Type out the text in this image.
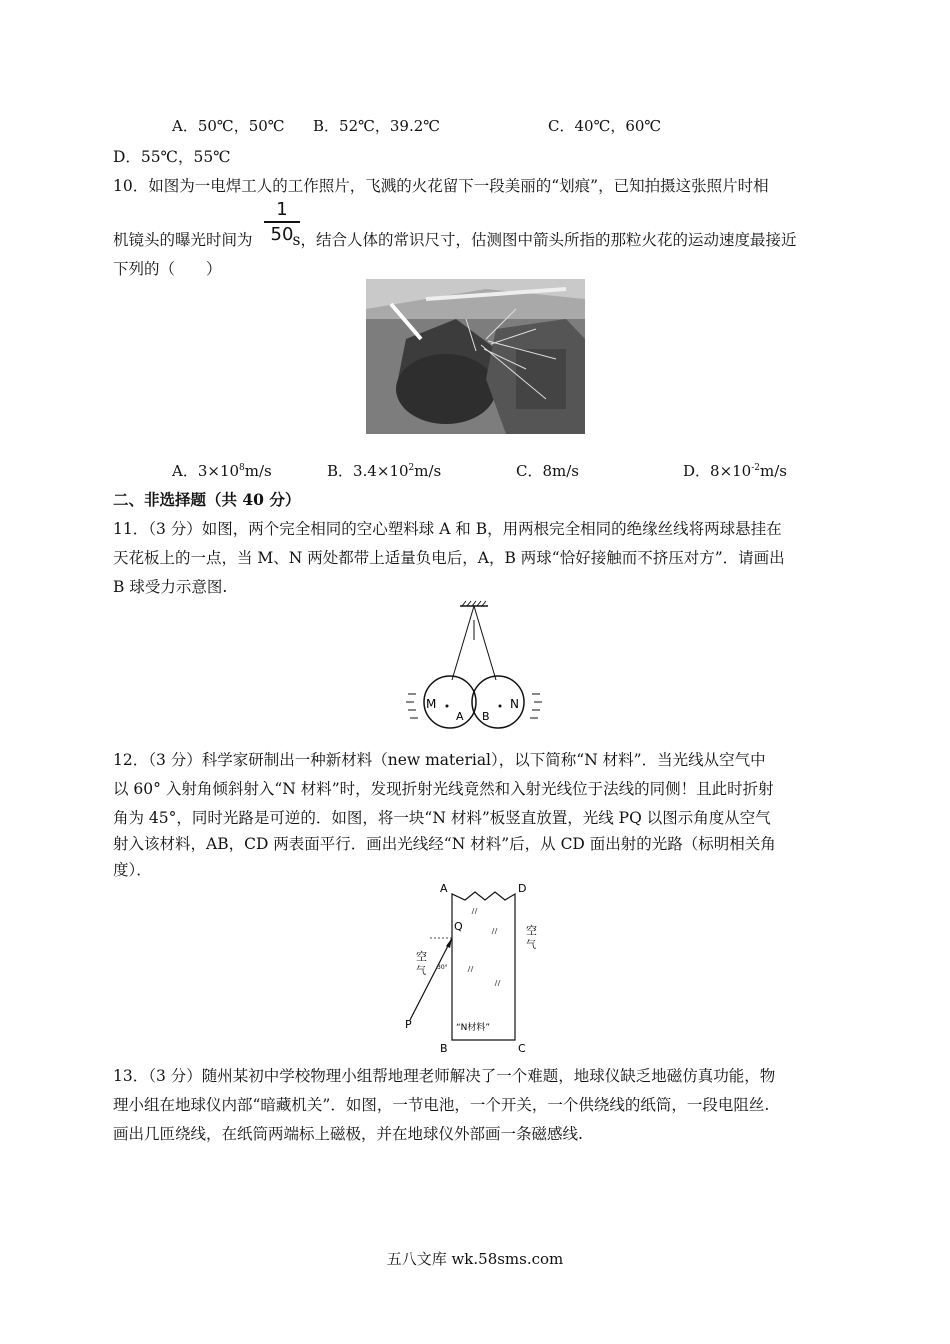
A．50℃，50℃ B．52℃，39.2℃	C．40℃，60℃
D．55℃，55℃
10．如图为一电焊工人的工作照片，飞溅的火花留下一段美丽的“划痕”，已知拍摄这张照片时相
机镜头的曝光时间为	s，结合人体的常识尺寸，估测图中箭头所指的那粒火花的运动速度最接近
1
50
下列的（　　）
A．$3\times 10^8m/s$	B．$3.4\times 10^2m/s$	C．8m/s	D．$8\times 10^{-2}m/s$
二、非选择题（共 40 分）
11．（3 分）如图，两个完全相同的空心塑料球 A 和 B，用两根完全相同的绝缘丝线将两球悬挂在
天花板上的一点，当 M、N 两处都带上适量负电后，A，B 两球“恰好接触而不挤压对方”．请画出
B 球受力示意图.
M
A B
N
12．（3 分）科学家研制出一种新材料（new material），以下简称“N 材料”．当光线从空气中
以 60° 入射角倾斜射入“N 材料”时，发现折射光线竟然和入射光线位于法线的同侧！且此时折射
角为 45°，同时光路是可逆的．如图，将一块“N 材料”板竖直放置，光线 PQ 以图示角度从空气
射入该材料，AB，CD 两表面平行．画出光线经“N 材料”后，从 CD 面出射的光路（标明相关角
度）．
A	D
Q
B	C
P
空
气
空
气
30°
“N材料”
13．（3 分）随州某初中学校物理小组帮地理老师解决了一个难题，地球仪缺乏地磁仿真功能，物
理小组在地球仪内部“暗藏机关”．如图，一节电池，一个开关，一个供绕线的纸筒，一段电阻丝.
画出几匝绕线，在纸筒两端标上磁极，并在地球仪外部画一条磁感线.
五八文库 wk.58sms.com
